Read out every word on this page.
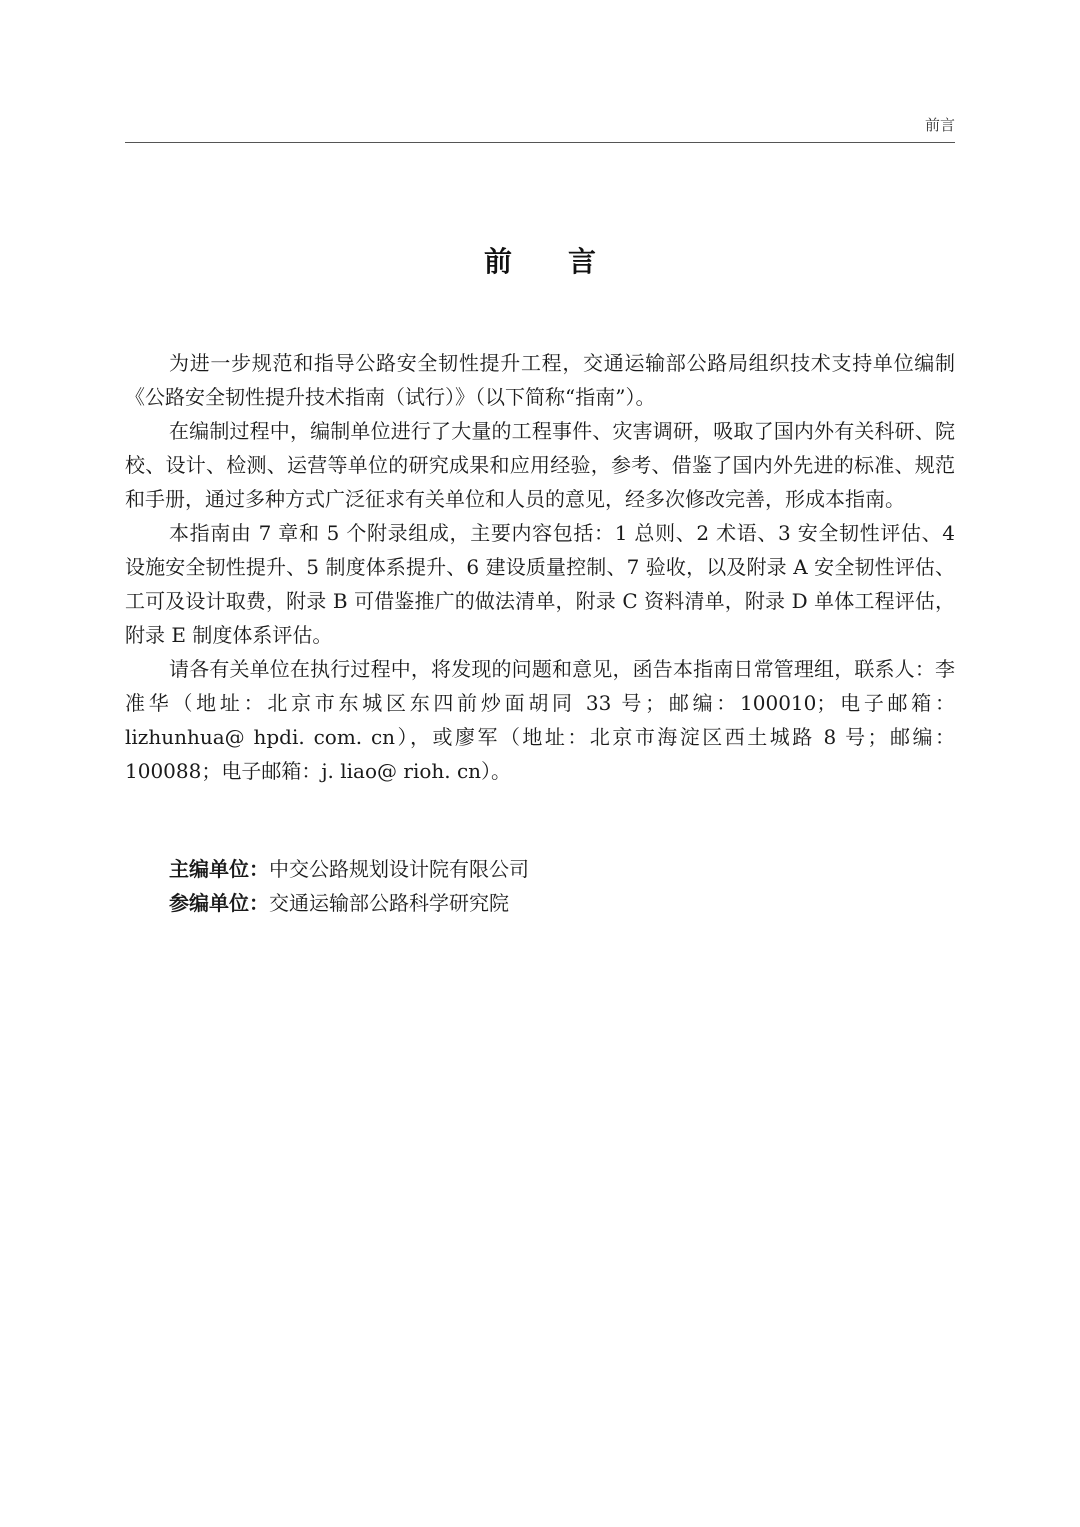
前言
前言

为进一步规范和指导公路安全韧性提升工程，交通运输部公路局组织技术支持单位编制《公路安全韧性提升技术指南（试行）》（以下简称“指南”）。

在编制过程中，编制单位进行了大量的工程事件、灾害调研，吸取了国内外有关科研、院校、设计、检测、运营等单位的研究成果和应用经验，参考、借鉴了国内外先进的标准、规范和手册，通过多种方式广泛征求有关单位和人员的意见，经多次修改完善，形成本指南。

本指南由 7 章和 5 个附录组成，主要内容包括：1 总则、2 术语、3 安全韧性评估、4 设施安全韧性提升、5 制度体系提升、6 建设质量控制、7 验收，以及附录 A 安全韧性评估、工可及设计取费，附录 B 可借鉴推广的做法清单，附录 C 资料清单，附录 D 单体工程评估，附录 E 制度体系评估。

请各有关单位在执行过程中，将发现的问题和意见，函告本指南日常管理组，联系人：李准华（地址：北京市东城区东四前炒面胡同 33 号；邮编：100010；电子邮箱：lizhunhua@ hpdi. com. cn），或廖军（地址：北京市海淀区西土城路 8 号；邮编：100088；电子邮箱：j. liao@ rioh. cn）。

主编单位：中交公路规划设计院有限公司
参编单位：交通运输部公路科学研究院
